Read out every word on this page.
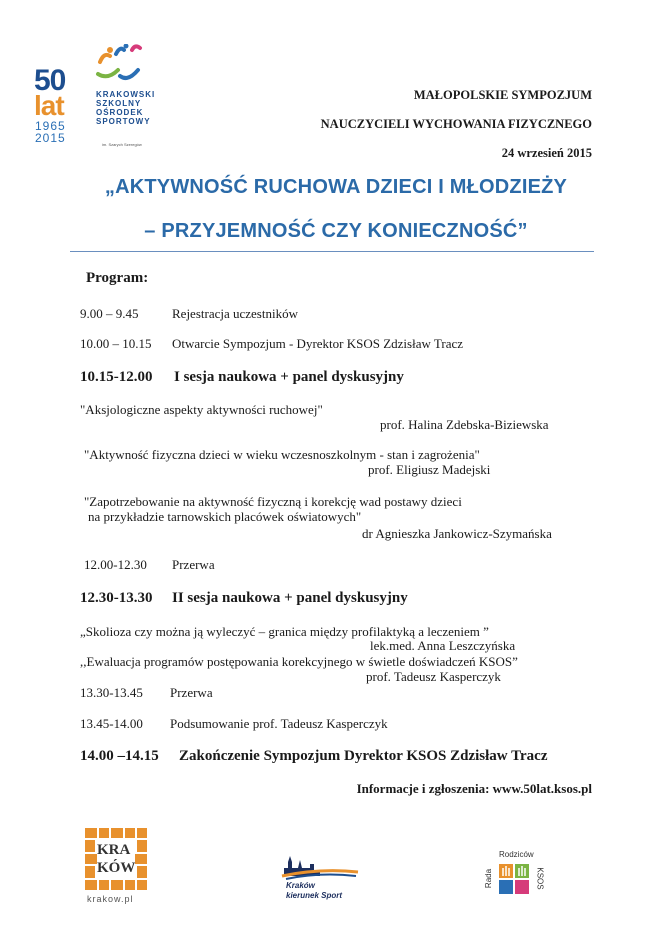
50
lat
1965
2015
KRAKOWSKI
SZKOLNY
OŚRODEK
SPORTOWY
im. Szarych Szeregów
MAŁOPOLSKIE SYMPOZJUM
NAUCZYCIELI WYCHOWANIA FIZYCZNEGO
24 wrzesień 2015
„AKTYWNOŚĆ RUCHOWA DZIECI I MŁODZIEŻY
– PRZYJEMNOŚĆ CZY KONIECZNOŚĆ”
Program:
9.00 – 9.45	Rejestracja uczestników
10.00 – 10.15 Otwarcie Sympozjum - Dyrektor KSOS Zdzisław Tracz
10.15-12.00 I sesja naukowa + panel dyskusyjny
"Aksjologiczne aspekty aktywności ruchowej"
prof. Halina Zdebska-Biziewska
"Aktywność fizyczna dzieci w wieku wczesnoszkolnym - stan i zagrożenia"
prof. Eligiusz Madejski
"Zapotrzebowanie na aktywność fizyczną i korekcję wad postawy dzieci
na przykładzie tarnowskich placówek oświatowych"
dr Agnieszka Jankowicz-Szymańska
12.00-12.30 Przerwa
12.30-13.30 II sesja naukowa + panel dyskusyjny
„Skolioza czy można ją wyleczyć – granica między profilaktyką a leczeniem ”
lek.med. Anna Leszczyńska
,,Ewaluacja programów postępowania korekcyjnego w świetle doświadczeń KSOS”
prof. Tadeusz Kasperczyk
13.30-13.45 Przerwa
13.45-14.00 Podsumowanie prof. Tadeusz Kasperczyk
14.00 –14.15 Zakończenie Sympozjum Dyrektor KSOS Zdzisław Tracz
Informacje i zgłoszenia: www.50lat.ksos.pl
KRA
KÓW
krakow.pl
Kraków
kierunek Sport
Rodziców
Rada	KSOS
